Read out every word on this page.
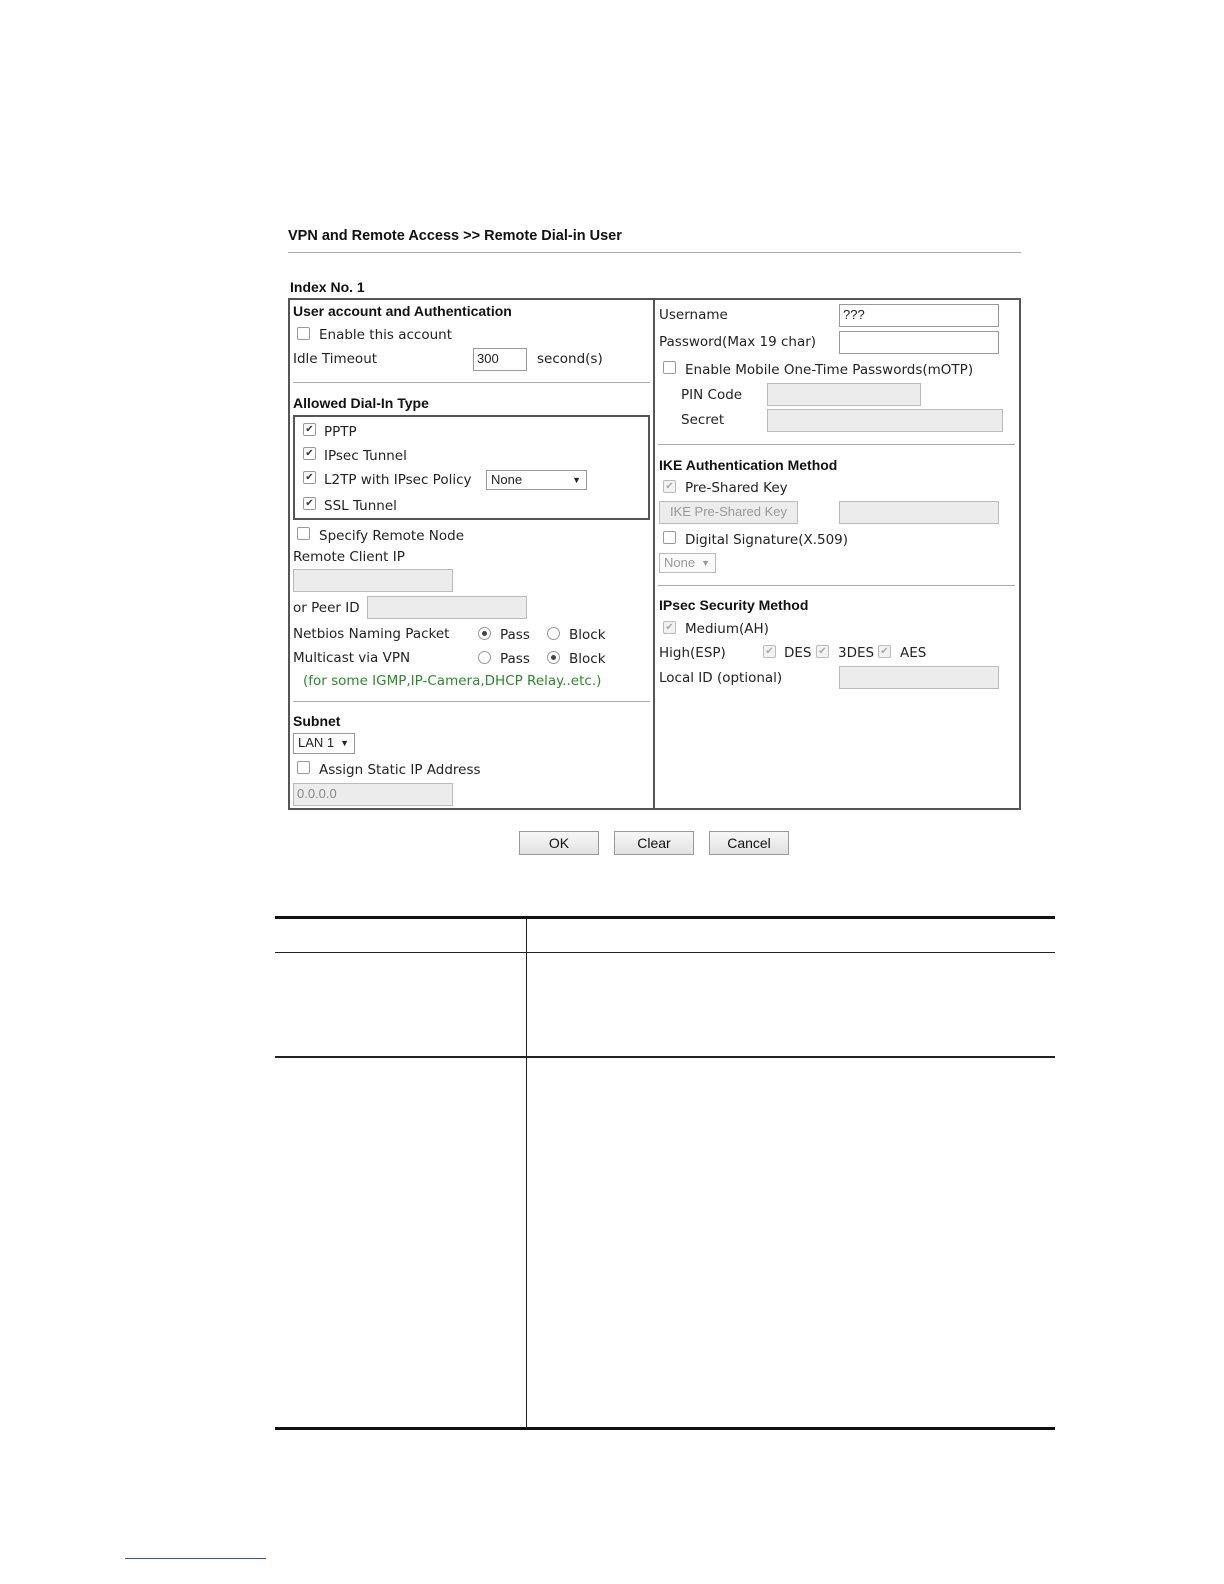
VPN and Remote Access >> Remote Dial-in User
Index No. 1
User account and Authentication
Enable this account
Idle Timeout	300	second(s)
Allowed Dial-In Type
✔ PPTP
✔ IPsec Tunnel
✔ L2TP with IPsec Policy	None	▼
✔ SSL Tunnel
Specify Remote Node
Remote Client IP
or Peer ID
Netbios Naming Packet	Pass	Block
Multicast via VPN	Pass	Block
(for some IGMP,IP-Camera,DHCP Relay..etc.)
Subnet
LAN 1 ▼
Assign Static IP Address
0.0.0.0
Username	???
Password(Max 19 char)
Enable Mobile One-Time Passwords(mOTP)
PIN Code
Secret
IKE Authentication Method
✔ Pre-Shared Key
IKE Pre-Shared Key
Digital Signature(X.509)
None ▼
IPsec Security Method
✔ Medium(AH)
High(ESP)	✔ DES ✔ 3DES ✔ AES
Local ID (optional)
OK	Clear	Cancel
